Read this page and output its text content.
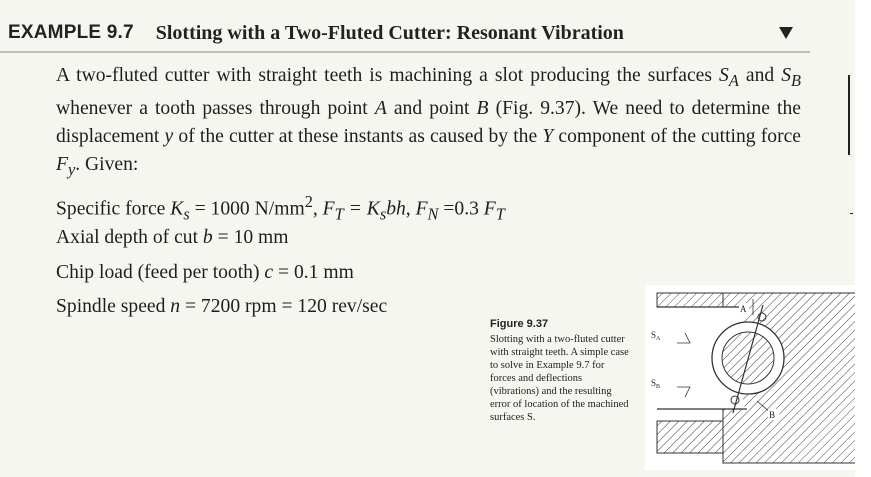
EXAMPLE 9.7 Slotting with a Two-Fluted Cutter: Resonant Vibration
A two-fluted cutter with straight teeth is machining a slot producing the surfaces $S_A$ and $S_B$ whenever a tooth passes through point A and point B (Fig. 9.37). We need to determine the displacement y of the cutter at these instants as caused by the Y component of the cutting force $F_y$. Given:
Specific force $K_s = 1000$ $N/mm^2$, $F_T = K_sbh$, $F_N =0.3$ $F_T$
Axial depth of cut b = 10 mm
Chip load (feed per tooth) c = 0.1 mm
Spindle speed n = 7200 rpm = 120 rev/sec
Figure 9.37
Slotting with a two-fluted cutter with straight teeth. A simple case to solve in Example 9.7 for forces and deflections (vibrations) and the resulting error of location of the machined surfaces S.
A
B
$S_A$
$S_B$
